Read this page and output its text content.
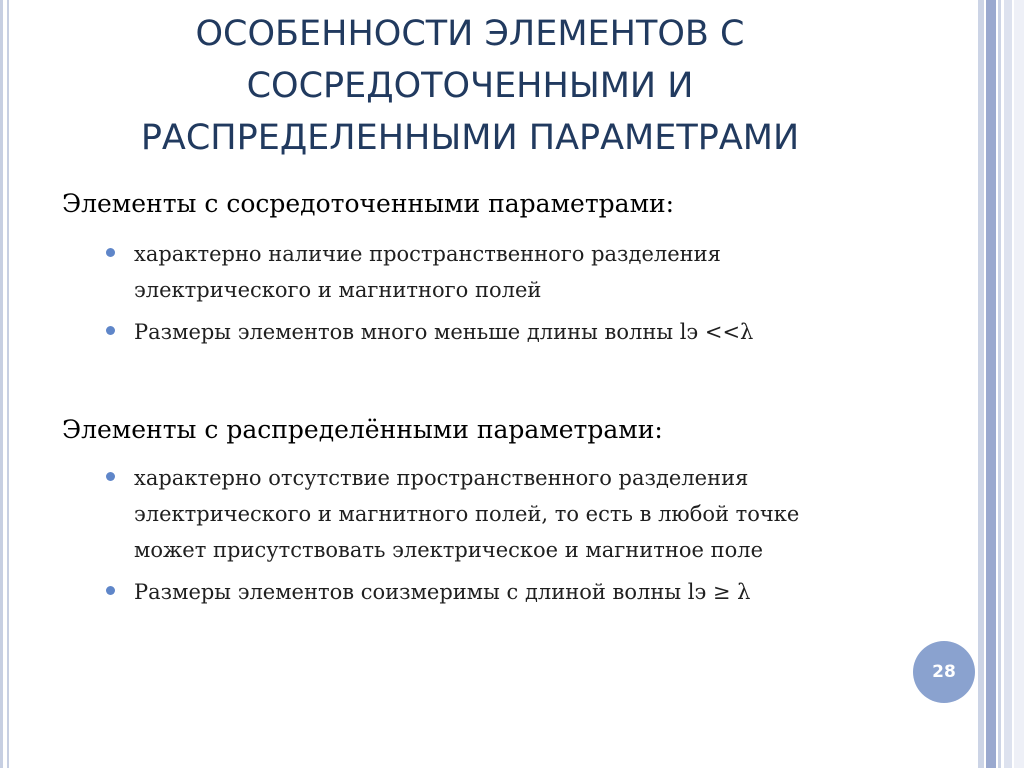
ОСОБЕННОСТИ ЭЛЕМЕНТОВ С
СОСРЕДОТОЧЕННЫМИ И
РАСПРЕДЕЛЕННЫМИ ПАРАМЕТРАМИ

Элементы с сосредоточенными параметрами:

характерно наличие пространственного разделения электрического и магнитного полей
Размеры элементов много меньше длины волны lэ <<λ

Элементы с распределёнными параметрами:

характерно отсутствие пространственного разделения электрического и магнитного полей, то есть в любой точке может присутствовать электрическое и магнитное поле
Размеры элементов соизмеримы с длиной волны lэ ≥ λ
28
